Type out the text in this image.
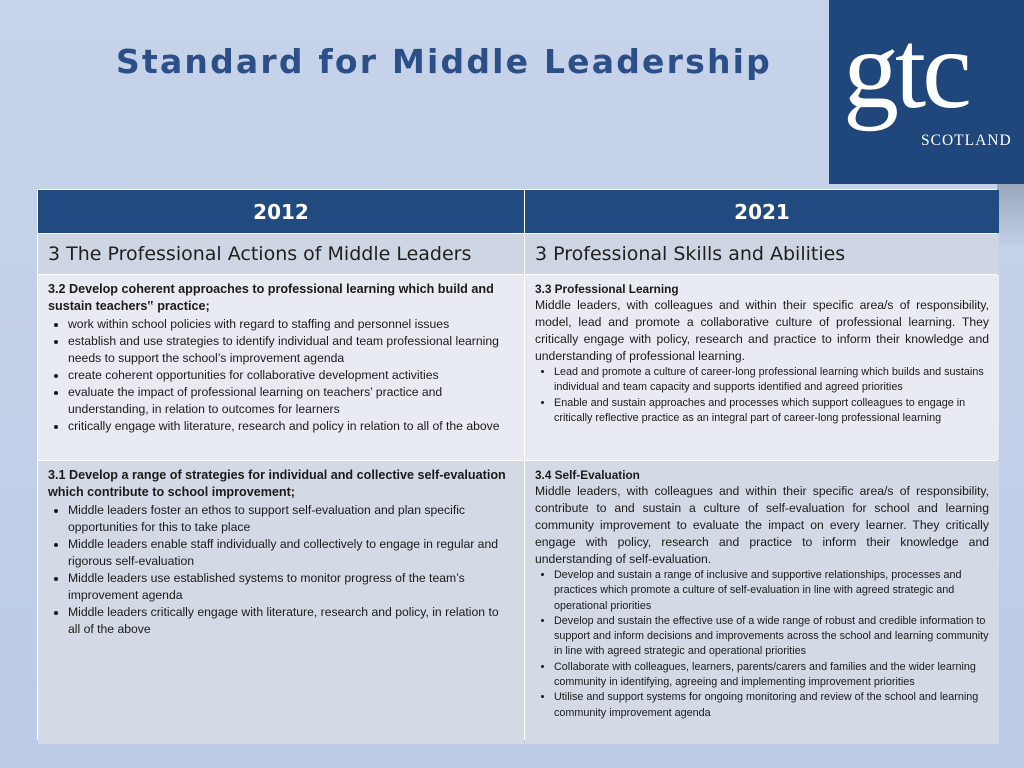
Standard for Middle Leadership gtc
SCOTLAND
2012	2021
3 The Professional Actions of Middle Leaders	3 Professional Skills and Abilities
3.2 Develop coherent approaches to professional learning which build and sustain teachers‟ practice;
• work within school policies with regard to staffing and personnel issues
• establish and use strategies to identify individual and team professional learning needs to support the school’s improvement agenda
• create coherent opportunities for collaborative development activities
• evaluate the impact of professional learning on teachers’ practice and understanding, in relation to outcomes for learners
• critically engage with literature, research and policy in relation to all of the above
3.3 Professional Learning
Middle leaders, with colleagues and within their specific area/s of responsibility, model, lead and promote a collaborative culture of professional learning. They critically engage with policy, research and practice to inform their knowledge and understanding of professional learning.
• Lead and promote a culture of career-long professional learning which builds and sustains individual and team capacity and supports identified and agreed priorities
• Enable and sustain approaches and processes which support colleagues to engage in critically reflective practice as an integral part of career-long professional learning
3.1 Develop a range of strategies for individual and collective self-evaluation which contribute to school improvement;
• Middle leaders foster an ethos to support self-evaluation and plan specific opportunities for this to take place
• Middle leaders enable staff individually and collectively to engage in regular and rigorous self-evaluation
• Middle leaders use established systems to monitor progress of the team’s improvement agenda
• Middle leaders critically engage with literature, research and policy, in relation to all of the above
3.4 Self-Evaluation
Middle leaders, with colleagues and within their specific area/s of responsibility, contribute to and sustain a culture of self-evaluation for school and learning community improvement to evaluate the impact on every learner. They critically engage with policy, research and practice to inform their knowledge and understanding of self-evaluation.
• Develop and sustain a range of inclusive and supportive relationships, processes and practices which promote a culture of self-evaluation in line with agreed strategic and operational priorities
• Develop and sustain the effective use of a wide range of robust and credible information to support and inform decisions and improvements across the school and learning community in line with agreed strategic and operational priorities
• Collaborate with colleagues, learners, parents/carers and families and the wider learning community in identifying, agreeing and implementing improvement priorities
• Utilise and support systems for ongoing monitoring and review of the school and learning community improvement agenda
